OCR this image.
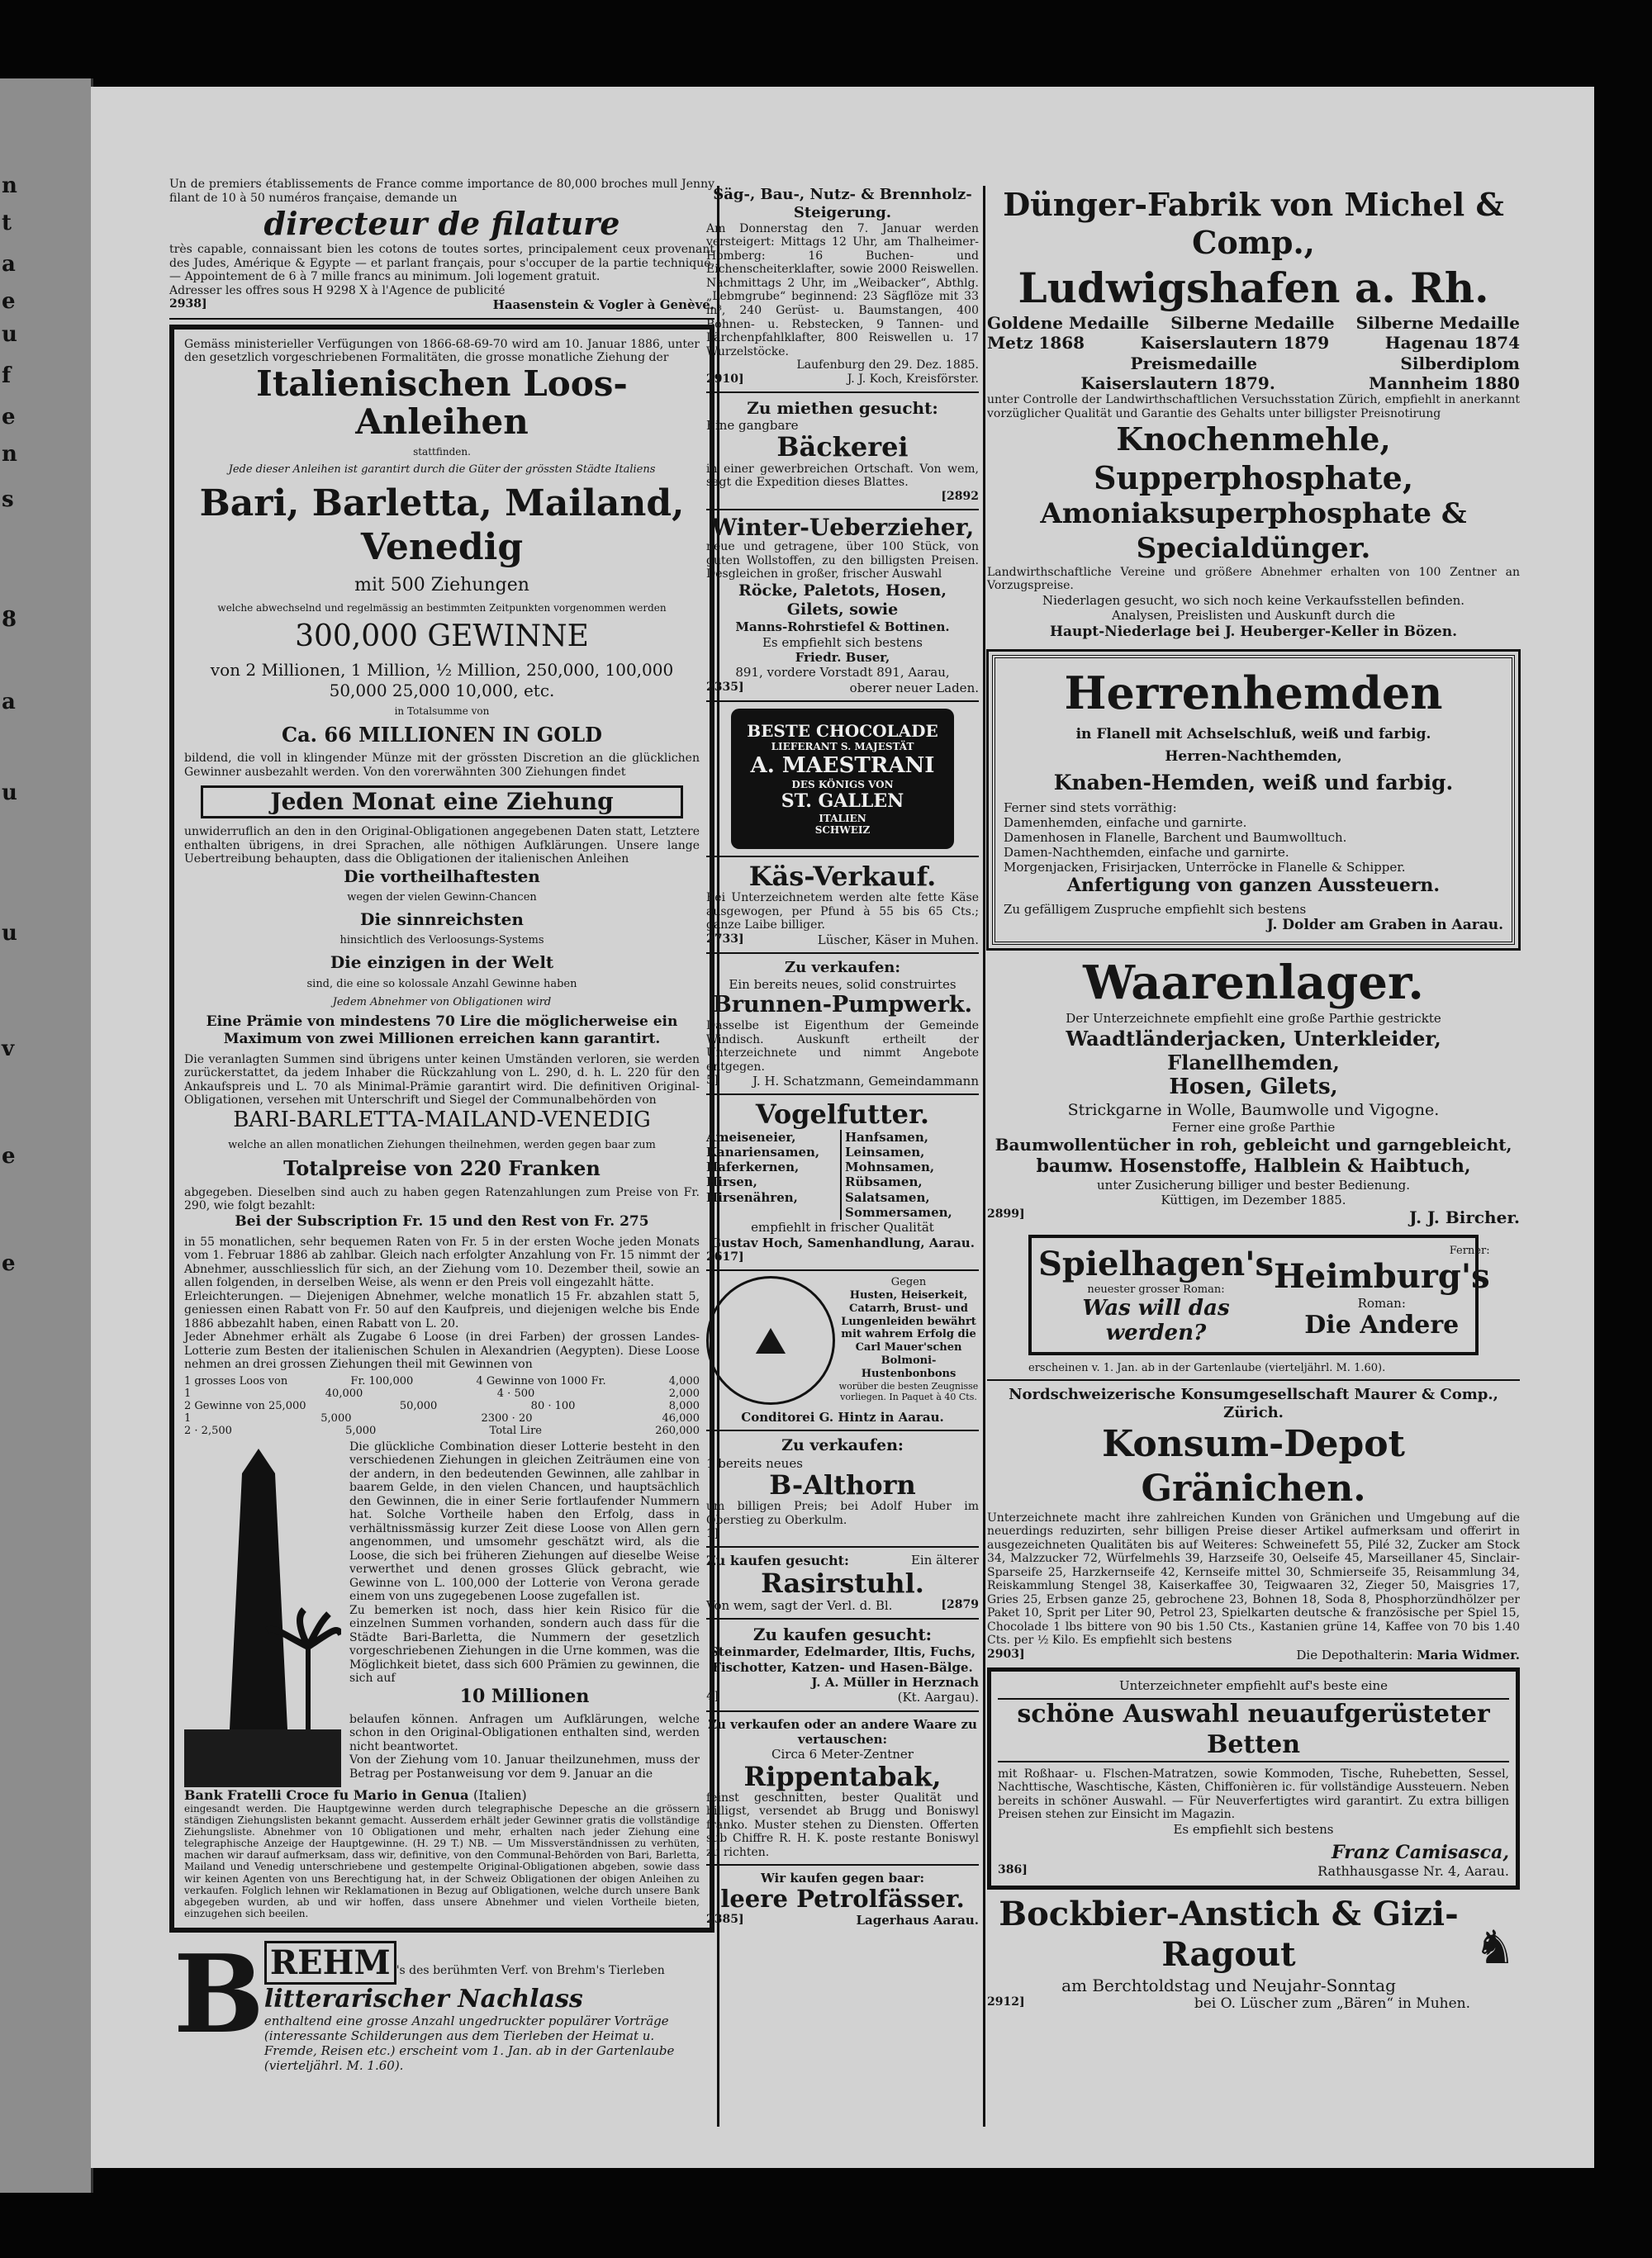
n
t
a
e
u
f
e
n
s
8
a
u
u
v
e
e
Un de premiers établissements de France comme importance de 80,000 broches mull Jenny filant de 10 à 50 numéros française, demande un
directeur de filature
très capable, connaissant bien les cotons de toutes sortes, principalement ceux provenant des Judes, Amérique & Egypte — et parlant français, pour s'occuper de la partie technique. — Appointement de 6 à 7 mille francs au minimum. Joli logement gratuit.
Adresser les offres sous H 9298 X à l'Agence de publicité
2938]	Haasenstein & Vogler à Genève.
Gemäss ministerieller Verfügungen von 1866-68-69-70 wird am 10. Januar 1886, unter den gesetzlich vorgeschriebenen Formalitäten, die grosse monatliche Ziehung der
Italienischen Loos-Anleihen
stattfinden.
Jede dieser Anleihen ist garantirt durch die Güter der grössten Städte Italiens
Bari, Barletta, Mailand, Venedig
mit 500 Ziehungen
welche abwechselnd und regelmässig an bestimmten Zeitpunkten vorgenommen werden
300,000 GEWINNE
von 2 Millionen, 1 Million, ½ Million, 250,000, 100,000 50,000 25,000 10,000, etc.
in Totalsumme von
Ca. 66 MILLIONEN IN GOLD
bildend, die voll in klingender Münze mit der grössten Discretion an die glücklichen Gewinner ausbezahlt werden. Von den vorerwähnten 300 Ziehungen findet
Jeden Monat eine Ziehung
unwiderruflich an den in den Original-Obligationen angegebenen Daten statt, Letztere enthalten übrigens, in drei Sprachen, alle nöthigen Aufklärungen. Unsere lange Uebertreibung behaupten, dass die Obligationen der italienischen Anleihen
Die vortheilhaftesten
wegen der vielen Gewinn-Chancen
Die sinnreichsten
hinsichtlich des Verloosungs-Systems
Die einzigen in der Welt
sind, die eine so kolossale Anzahl Gewinne haben
Jedem Abnehmer von Obligationen wird
Eine Prämie von mindestens 70 Lire die möglicherweise ein Maximum von zwei Millionen erreichen kann garantirt.
Die veranlagten Summen sind übrigens unter keinen Umständen verloren, sie werden zurückerstattet, da jedem Inhaber die Rückzahlung von L. 290, d. h. L. 220 für den Ankaufspreis und L. 70 als Minimal-Prämie garantirt wird. Die definitiven Original-Obligationen, versehen mit Unterschrift und Siegel der Communalbehörden von
BARI-BARLETTA-MAILAND-VENEDIG
welche an allen monatlichen Ziehungen theilnehmen, werden gegen baar zum
Totalpreise von 220 Franken
abgegeben. Dieselben sind auch zu haben gegen Ratenzahlungen zum Preise von Fr. 290, wie folgt bezahlt:
Bei der Subscription Fr. 15 und den Rest von Fr. 275
in 55 monatlichen, sehr bequemen Raten von Fr. 5 in der ersten Woche jeden Monats vom 1. Februar 1886 ab zahlbar. Gleich nach erfolgter Anzahlung von Fr. 15 nimmt der Abnehmer, ausschliesslich für sich, an der Ziehung vom 10. Dezember theil, sowie an allen folgenden, in derselben Weise, als wenn er den Preis voll eingezahlt hätte.
Erleichterungen. — Diejenigen Abnehmer, welche monatlich 15 Fr. abzahlen statt 5, geniessen einen Rabatt von Fr. 50 auf den Kaufpreis, und diejenigen welche bis Ende 1886 abbezahlt haben, einen Rabatt von L. 20.
Jeder Abnehmer erhält als Zugabe 6 Loose (in drei Farben) der grossen Landes-Lotterie zum Besten der italienischen Schulen in Alexandrien (Aegypten). Diese Loose nehmen an drei grossen Ziehungen theil mit Gewinnen von
1 grosses Loos von	Fr. 100,000	4 Gewinne von 1000 Fr.	4,000
1	40,000	4 · 500	2,000
2 Gewinne von 25,000	50,000	80 · 100	8,000
1	5,000	2300 · 20	46,000
2 · 2,500	5,000	Total Lire	260,000
Die glückliche Combination dieser Lotterie besteht in den verschiedenen Ziehungen in gleichen Zeiträumen eine von der andern, in den bedeutenden Gewinnen, alle zahlbar in baarem Gelde, in den vielen Chancen, und hauptsächlich den Gewinnen, die in einer Serie fortlaufender Nummern hat. Solche Vortheile haben den Erfolg, dass in verhältnissmässig kurzer Zeit diese Loose von Allen gern angenommen, und umsomehr geschätzt wird, als die Loose, die sich bei früheren Ziehungen auf dieselbe Weise verwerthet und denen grosses Glück gebracht, wie Gewinne von L. 100,000 der Lotterie von Verona gerade einem von uns zugegebenen Loose zugefallen ist.
Zu bemerken ist noch, dass hier kein Risico für die einzelnen Summen vorhanden, sondern auch dass für die Städte Bari-Barletta, die Nummern der gesetzlich vorgeschriebenen Ziehungen in die Urne kommen, was die Möglichkeit bietet, dass sich 600 Prämien zu gewinnen, die sich auf
10 Millionen
belaufen können. Anfragen um Aufklärungen, welche schon in den Original-Obligationen enthalten sind, werden nicht beantwortet.
Von der Ziehung vom 10. Januar theilzunehmen, muss der Betrag per Postanweisung vor dem 9. Januar an die
Bank Fratelli Croce fu Mario in Genua (Italien)
eingesandt werden. Die Hauptgewinne werden durch telegraphische Depesche an die grössern ständigen Ziehungslisten bekannt gemacht. Ausserdem erhält jeder Gewinner gratis die vollständige Ziehungsliste. Abnehmer von 10 Obligationen und mehr, erhalten nach jeder Ziehung eine telegraphische Anzeige der Hauptgewinne. (H. 29 T.) NB. — Um Missverständnissen zu verhüten, machen wir darauf aufmerksam, dass wir, definitive, von den Communal-Behörden von Bari, Barletta, Mailand und Venedig unterschriebene und gestempelte Original-Obligationen abgeben, sowie dass wir keinen Agenten von uns Berechtigung hat, in der Schweiz Obligationen der obigen Anleihen zu verkaufen. Folglich lehnen wir Reklamationen in Bezug auf Obligationen, welche durch unsere Bank abgegeben wurden, ab und wir hoffen, dass unsere Abnehmer und vielen Vortheile bieten, einzugehen sich beeilen.
B REHM 's des berühmten Verf. von Brehm's Tierleben
litterarischer Nachlass
enthaltend eine grosse Anzahl ungedruckter populärer Vorträge (interessante Schilderungen aus dem Tierleben der Heimat u. Fremde, Reisen etc.) erscheint vom 1. Jan. ab in der Gartenlaube (vierteljährl. M. 1.60).
Säg-, Bau-, Nutz- & Brennholz-Steigerung.
Am Donnerstag den 7. Januar werden versteigert: Mittags 12 Uhr, am Thalheimer-Homberg: 16 Buchen- und Eichenscheiterklafter, sowie 2000 Reiswellen. Nachmittags 2 Uhr, im „Weibacker“, Abthlg. „Lebmgrube“ beginnend: 23 Sägflöze mit 33 m³, 240 Gerüst- u. Baumstangen, 400 Bohnen- u. Rebstecken, 9 Tannen- und Lärchenpfahlklafter, 800 Reiswellen u. 17 Wurzelstöcke.
Laufenburg den 29. Dez. 1885.
2910]	J. J. Koch, Kreisförster.
Zu miethen gesucht:
Eine gangbare
Bäckerei
in einer gewerbreichen Ortschaft. Von wem, sagt die Expedition dieses Blattes.
[2892
Winter-Ueberzieher,
neue und getragene, über 100 Stück, von guten Wollstoffen, zu den billigsten Preisen. Desgleichen in großer, frischer Auswahl
Röcke, Paletots, Hosen,
Gilets, sowie
Manns-Rohrstiefel & Bottinen.
Es empfiehlt sich bestens
Friedr. Buser,
891, vordere Vorstadt 891, Aarau,
2335]	oberer neuer Laden.
BESTE CHOCOLADE
LIEFERANT S. MAJESTÄT
A. MAESTRANI
DES KÖNIGS VON
ST. GALLEN
ITALIEN
SCHWEIZ
Käs-Verkauf.
Bei Unterzeichnetem werden alte fette Käse ausgewogen, per Pfund à 55 bis 65 Cts.; ganze Laibe billiger.
2733]	Lüscher, Käser in Muhen.
Zu verkaufen:
Ein bereits neues, solid construirtes
Brunnen-Pumpwerk.
Dasselbe ist Eigenthum der Gemeinde Windisch. Auskunft ertheilt der Unterzeichnete und nimmt Angebote entgegen.
5]	J. H. Schatzmann, Gemeindammann
Vogelfutter.
Ameiseneier, Kanariensamen, Haferkernen, Hirsen, Hirsenähren,
Hanfsamen, Leinsamen, Mohnsamen, Rübsamen, Salatsamen, Sommersamen,
empfiehlt in frischer Qualität
Gustav Hoch, Samenhandlung, Aarau.
2617]
⛰
Gegen
Husten, Heiserkeit, Catarrh, Brust- und Lungenleiden bewährt mit wahrem Erfolg die Carl Mauer'schen Bolmoni-Hustenbonbons
worüber die besten Zeugnisse vorliegen. In Paquet à 40 Cts.
Conditorei G. Hintz in Aarau.
Zu verkaufen:
1 bereits neues
B-Althorn
um billigen Preis; bei Adolf Huber im Oberstieg zu Oberkulm.
1]
Zu kaufen gesucht:	Ein älterer
Rasirstuhl.
Von wem, sagt der Verl. d. Bl.	[2879
Zu kaufen gesucht:
Steinmarder, Edelmarder, Iltis, Fuchs, Fischotter, Katzen- und Hasen-Bälge.
J. A. Müller in Herznach
4]	(Kt. Aargau).
Zu verkaufen oder an andere Waare zu vertauschen:
Circa 6 Meter-Zentner
Rippentabak,
feinst geschnitten, bester Qualität und billigst, versendet ab Brugg und Boniswyl franko. Muster stehen zu Diensten. Offerten sub Chiffre R. H. K. poste restante Boniswyl zu richten.
Wir kaufen gegen baar:
leere Petrolfässer.
2385]	Lagerhaus Aarau.
Dünger-Fabrik von Michel & Comp.,
Ludwigshafen a. Rh.
Goldene Medaille Silberne Medaille Silberne Medaille
Metz 1868	Kaiserslautern 1879	Hagenau 1874
Preismedaille	Silberdiplom
Kaiserslautern 1879.	Mannheim 1880
unter Controlle der Landwirthschaftlichen Versuchsstation Zürich, empfiehlt in anerkannt vorzüglicher Qualität und Garantie des Gehalts unter billigster Preisnotirung
Knochenmehle, Supperphosphate,
Amoniaksuperphosphate & Specialdünger.
Landwirthschaftliche Vereine und größere Abnehmer erhalten von 100 Zentner an Vorzugspreise.
Niederlagen gesucht, wo sich noch keine Verkaufsstellen befinden.
Analysen, Preislisten und Auskunft durch die
Haupt-Niederlage bei J. Heuberger-Keller in Bözen.
Herrenhemden
in Flanell mit Achselschluß, weiß und farbig.
Herren-Nachthemden,
Knaben-Hemden, weiß und farbig.
Ferner sind stets vorräthig:
Damenhemden, einfache und garnirte.
Damenhosen in Flanelle, Barchent und Baumwolltuch.
Damen-Nachthemden, einfache und garnirte.
Morgenjacken, Frisirjacken, Unterröcke in Flanelle & Schipper.
Anfertigung von ganzen Aussteuern.
Zu gefälligem Zuspruche empfiehlt sich bestens
J. Dolder am Graben in Aarau.
Waarenlager.
Der Unterzeichnete empfiehlt eine große Parthie gestrickte
Waadtländerjacken, Unterkleider, Flanellhemden,
Hosen, Gilets,
Strickgarne in Wolle, Baumwolle und Vigogne.
Ferner eine große Parthie
Baumwollentücher in roh, gebleicht und garngebleicht,
baumw. Hosenstoffe, Halblein & Haibtuch,
unter Zusicherung billiger und bester Bedienung.
Küttigen, im Dezember 1885.
2899]	J. J. Bircher.
Spielhagen's
neuester grosser Roman:
Was will das werden?
Ferner:
Heimburg's
Roman:
Die Andere
erscheinen v. 1. Jan. ab in der Gartenlaube (vierteljährl. M. 1.60).
Nordschweizerische Konsumgesellschaft Maurer & Comp., Zürich.
Konsum-Depot Gränichen.
Unterzeichnete macht ihre zahlreichen Kunden von Gränichen und Umgebung auf die neuerdings reduzirten, sehr billigen Preise dieser Artikel aufmerksam und offerirt in ausgezeichneten Qualitäten bis auf Weiteres: Schweinefett 55, Pilé 32, Zucker am Stock 34, Malzzucker 72, Würfelmehls 39, Harzseife 30, Oelseife 45, Marseillaner 45, Sinclair-Sparseife 25, Harzkernseife 42, Kernseife mittel 30, Schmierseife 35, Reisammlung 34, Reiskammlung Stengel 38, Kaiserkaffee 30, Teigwaaren 32, Zieger 50, Maisgries 17, Gries 25, Erbsen ganze 25, gebrochene 23, Bohnen 18, Soda 8, Phosphorzündhölzer per Paket 10, Sprit per Liter 90, Petrol 23, Spielkarten deutsche & französische per Spiel 15, Chocolade 1 lbs bittere von 90 bis 1.50 Cts., Kastanien grüne 14, Kaffee von 70 bis 1.40 Cts. per ½ Kilo. Es empfiehlt sich bestens
2903]	Die Depothalterin: Maria Widmer.
Unterzeichneter empfiehlt auf's beste eine
schöne Auswahl neuaufgerüsteter Betten
mit Roßhaar- u. Flschen-Matratzen, sowie Kommoden, Tische, Ruhebetten, Sessel, Nachttische, Waschtische, Kästen, Chiffonièren ic. für vollständige Aussteuern. Neben bereits in schöner Auswahl. — Für Neuverfertigtes wird garantirt. Zu extra billigen Preisen stehen zur Einsicht im Magazin.
Es empfiehlt sich bestens
Franz Camisasca,
386]	Rathhausgasse Nr. 4, Aarau.
Bockbier-Anstich & Gizi-Ragout
am Berchtoldstag und Neujahr-Sonntag
2912]	bei O. Lüscher zum „Bären“ in Muhen.
♞
